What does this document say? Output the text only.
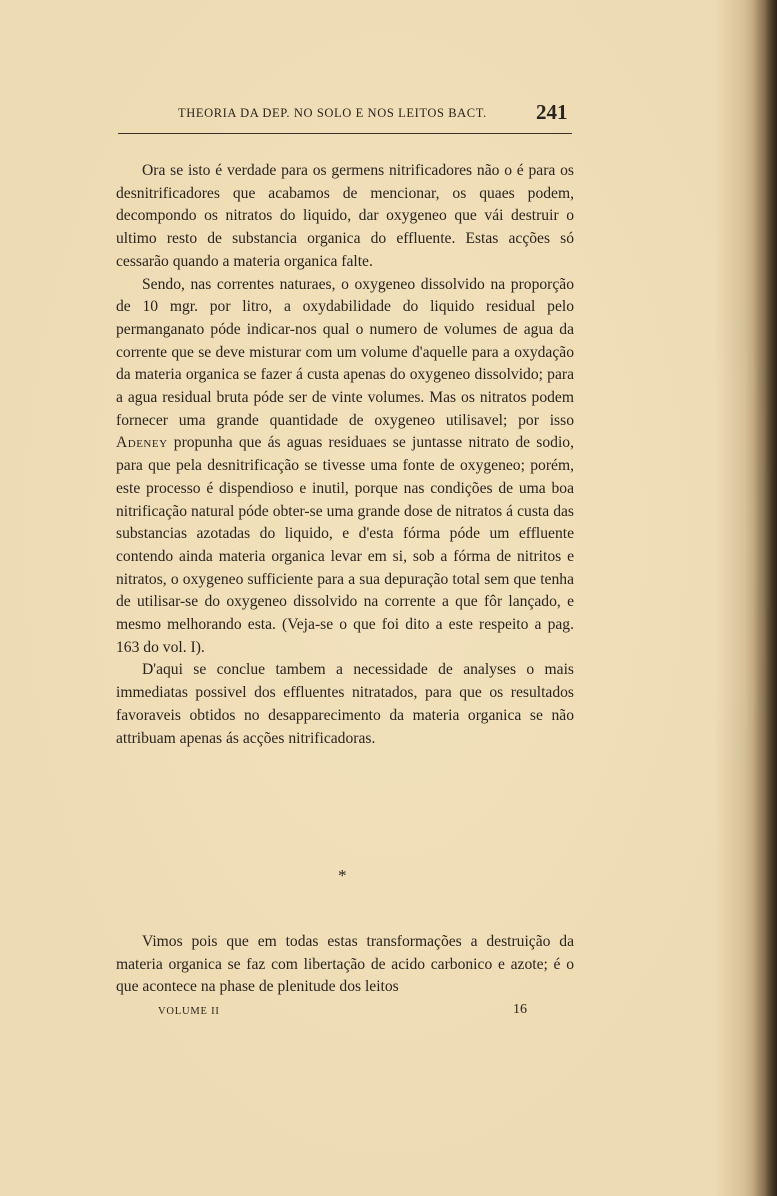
THEORIA DA DEP. NO SOLO E NOS LEITOS BACT. 241

Ora se isto é verdade para os germens nitrificadores não o é para os desnitrificadores que acabamos de mencionar, os quaes podem, decompondo os nitratos do liquido, dar oxygeneo que vái destruir o ultimo resto de substancia organica do effluente. Estas acções só cessarão quando a materia organica falte.

Sendo, nas correntes naturaes, o oxygeneo dissolvido na proporção de 10 mgr. por litro, a oxydabilidade do liquido residual pelo permanganato póde indicar-nos qual o numero de volumes de agua da corrente que se deve misturar com um volume d'aquelle para a oxydação da materia organica se fazer á custa apenas do oxygeneo dissolvido; para a agua residual bruta póde ser de vinte volumes. Mas os nitratos podem fornecer uma grande quantidade de oxygeneo utilisavel; por isso Adeney propunha que ás aguas residuaes se juntasse nitrato de sodio, para que pela desnitrificação se tivesse uma fonte de oxygeneo; porém, este processo é dispendioso e inutil, porque nas condições de uma boa nitrificação natural póde obter-se uma grande dose de nitratos á custa das substancias azotadas do liquido, e d'esta fórma póde um effluente contendo ainda materia organica levar em si, sob a fórma de nitritos e nitratos, o oxygeneo sufficiente para a sua depuração total sem que tenha de utilisar-se do oxygeneo dissolvido na corrente a que fôr lançado, e mesmo melhorando esta. (Veja-se o que foi dito a este respeito a pag. 163 do vol. I).

D'aqui se conclue tambem a necessidade de analyses o mais immediatas possivel dos effluentes nitratados, para que os resultados favoraveis obtidos no desapparecimento da materia organica se não attribuam apenas ás acções nitrificadoras.

*

Vimos pois que em todas estas transformações a destruição da materia organica se faz com libertação de acido carbonico e azote; é o que acontece na phase de plenitude dos leitos

VOLUME II	16
